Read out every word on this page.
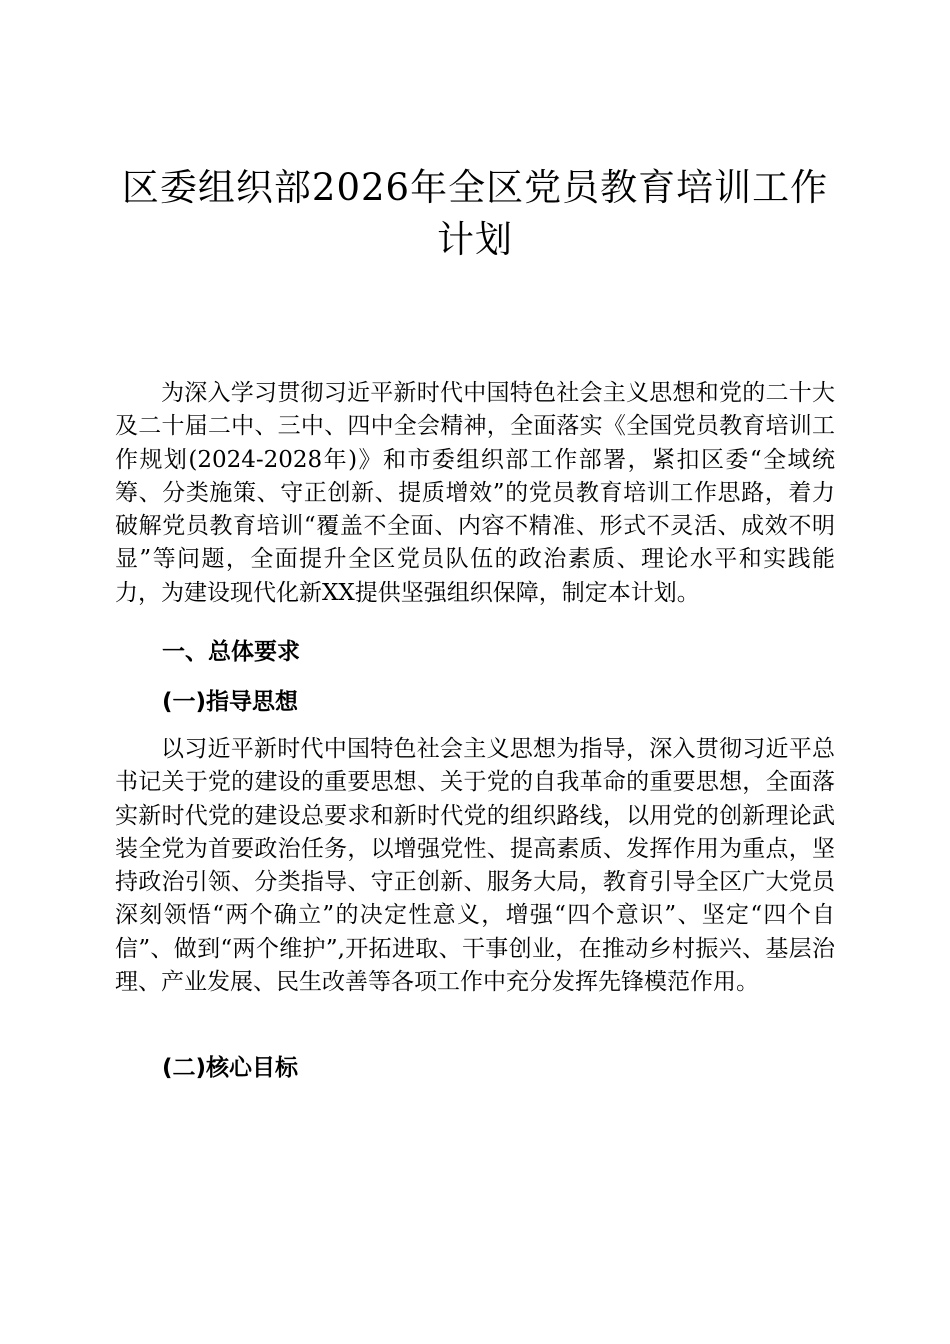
区委组织部2026年全区党员教育培训工作计划

为深入学习贯彻习近平新时代中国特色社会主义思想和党的二十大及二十届二中、三中、四中全会精神，全面落实《全国党员教育培训工作规划(2024-2028年)》和市委组织部工作部署，紧扣区委“全域统筹、分类施策、守正创新、提质增效”的党员教育培训工作思路，着力破解党员教育培训“覆盖不全面、内容不精准、形式不灵活、成效不明显”等问题，全面提升全区党员队伍的政治素质、理论水平和实践能力，为建设现代化新XX提供坚强组织保障，制定本计划。

一、总体要求
(一)指导思想

以习近平新时代中国特色社会主义思想为指导，深入贯彻习近平总书记关于党的建设的重要思想、关于党的自我革命的重要思想，全面落实新时代党的建设总要求和新时代党的组织路线，以用党的创新理论武装全党为首要政治任务，以增强党性、提高素质、发挥作用为重点，坚持政治引领、分类指导、守正创新、服务大局，教育引导全区广大党员深刻领悟“两个确立”的决定性意义，增强“四个意识”、坚定“四个自信”、做到“两个维护”,开拓进取、干事创业，在推动乡村振兴、基层治理、产业发展、民生改善等各项工作中充分发挥先锋模范作用。

(二)核心目标
